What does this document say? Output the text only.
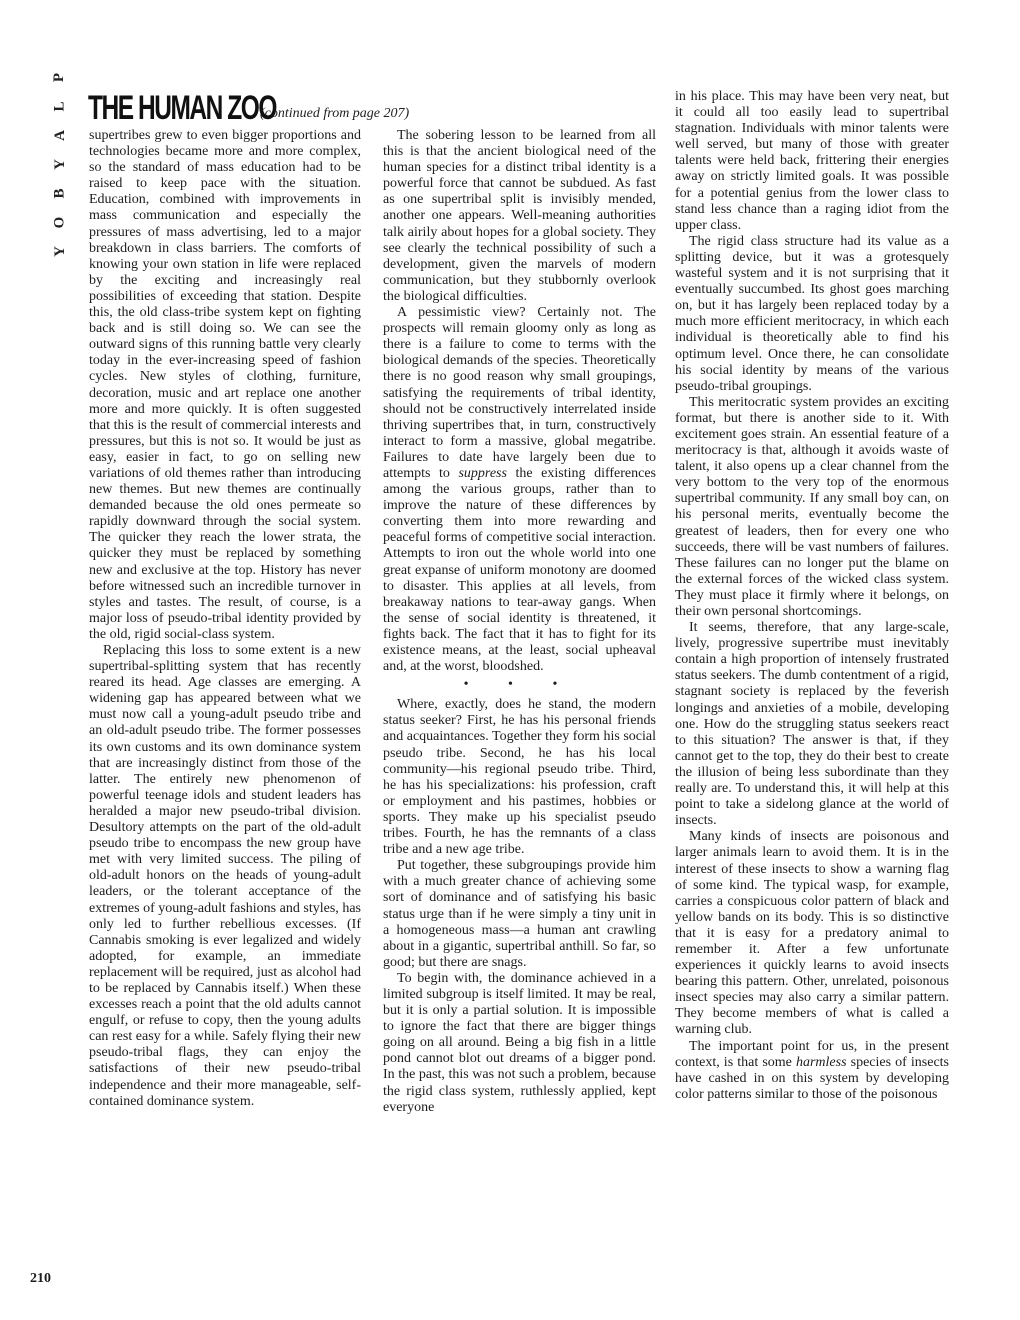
P
L
A
Y
B
O
Y
THE HUMAN ZOO
(continued from page 207)

supertribes grew to even bigger proportions and technologies became more and more complex, so the standard of mass education had to be raised to keep pace with the situation. Education, combined with improvements in mass communication and especially the pressures of mass advertising, led to a major breakdown in class barriers. The comforts of knowing your own station in life were replaced by the exciting and increasingly real possibilities of exceeding that station. Despite this, the old class-tribe system kept on fighting back and is still doing so. We can see the outward signs of this running battle very clearly today in the ever-increasing speed of fashion cycles. New styles of clothing, furniture, decoration, music and art replace one another more and more quickly. It is often suggested that this is the result of commercial interests and pressures, but this is not so. It would be just as easy, easier in fact, to go on selling new variations of old themes rather than introducing new themes. But new themes are continually demanded because the old ones permeate so rapidly downward through the social system. The quicker they reach the lower strata, the quicker they must be replaced by something new and exclusive at the top. History has never before witnessed such an incredible turnover in styles and tastes. The result, of course, is a major loss of pseudo-tribal identity provided by the old, rigid social-class system.

Replacing this loss to some extent is a new supertribal-splitting system that has recently reared its head. Age classes are emerging. A widening gap has appeared between what we must now call a young-adult pseudo tribe and an old-adult pseudo tribe. The former possesses its own customs and its own dominance system that are increasingly distinct from those of the latter. The entirely new phenomenon of powerful teenage idols and student leaders has heralded a major new pseudo-tribal division. Desultory attempts on the part of the old-adult pseudo tribe to encompass the new group have met with very limited success. The piling of old-adult honors on the heads of young-adult leaders, or the tolerant acceptance of the extremes of young-adult fashions and styles, has only led to further rebellious excesses. (If Cannabis smoking is ever legalized and widely adopted, for example, an immediate replacement will be required, just as alcohol had to be replaced by Cannabis itself.) When these excesses reach a point that the old adults cannot engulf, or refuse to copy, then the young adults can rest easy for a while. Safely flying their new pseudo-tribal flags, they can enjoy the satisfactions of their new pseudo-tribal independence and their more manageable, self-contained dominance system.

The sobering lesson to be learned from all this is that the ancient biological need of the human species for a distinct tribal identity is a powerful force that cannot be subdued. As fast as one supertribal split is invisibly mended, another one appears. Well-meaning authorities talk airily about hopes for a global society. They see clearly the technical possibility of such a development, given the marvels of modern communication, but they stubbornly overlook the biological difficulties.

A pessimistic view? Certainly not. The prospects will remain gloomy only as long as there is a failure to come to terms with the biological demands of the species. Theoretically there is no good reason why small groupings, satisfying the requirements of tribal identity, should not be constructively interrelated inside thriving supertribes that, in turn, constructively interact to form a massive, global megatribe. Failures to date have largely been due to attempts to suppress the existing differences among the various groups, rather than to improve the nature of these differences by converting them into more rewarding and peaceful forms of competitive social interaction. Attempts to iron out the whole world into one great expanse of uniform monotony are doomed to disaster. This applies at all levels, from breakaway nations to tear-away gangs. When the sense of social identity is threatened, it fights back. The fact that it has to fight for its existence means, at the least, social upheaval and, at the worst, bloodshed.

• • •

Where, exactly, does he stand, the modern status seeker? First, he has his personal friends and acquaintances. Together they form his social pseudo tribe. Second, he has his local community—his regional pseudo tribe. Third, he has his specializations: his profession, craft or employment and his pastimes, hobbies or sports. They make up his specialist pseudo tribes. Fourth, he has the remnants of a class tribe and a new age tribe.

Put together, these subgroupings provide him with a much greater chance of achieving some sort of dominance and of satisfying his basic status urge than if he were simply a tiny unit in a homogeneous mass—a human ant crawling about in a gigantic, supertribal anthill. So far, so good; but there are snags.

To begin with, the dominance achieved in a limited subgroup is itself limited. It may be real, but it is only a partial solution. It is impossible to ignore the fact that there are bigger things going on all around. Being a big fish in a little pond cannot blot out dreams of a bigger pond. In the past, this was not such a problem, because the rigid class system, ruthlessly applied, kept everyone

in his place. This may have been very neat, but it could all too easily lead to supertribal stagnation. Individuals with minor talents were well served, but many of those with greater talents were held back, frittering their energies away on strictly limited goals. It was possible for a potential genius from the lower class to stand less chance than a raging idiot from the upper class.

The rigid class structure had its value as a splitting device, but it was a grotesquely wasteful system and it is not surprising that it eventually succumbed. Its ghost goes marching on, but it has largely been replaced today by a much more efficient meritocracy, in which each individual is theoretically able to find his optimum level. Once there, he can consolidate his social identity by means of the various pseudo-tribal groupings.

This meritocratic system provides an exciting format, but there is another side to it. With excitement goes strain. An essential feature of a meritocracy is that, although it avoids waste of talent, it also opens up a clear channel from the very bottom to the very top of the enormous supertribal community. If any small boy can, on his personal merits, eventually become the greatest of leaders, then for every one who succeeds, there will be vast numbers of failures. These failures can no longer put the blame on the external forces of the wicked class system. They must place it firmly where it belongs, on their own personal shortcomings.

It seems, therefore, that any large-scale, lively, progressive supertribe must inevitably contain a high proportion of intensely frustrated status seekers. The dumb contentment of a rigid, stagnant society is replaced by the feverish longings and anxieties of a mobile, developing one. How do the struggling status seekers react to this situation? The answer is that, if they cannot get to the top, they do their best to create the illusion of being less subordinate than they really are. To understand this, it will help at this point to take a sidelong glance at the world of insects.

Many kinds of insects are poisonous and larger animals learn to avoid them. It is in the interest of these insects to show a warning flag of some kind. The typical wasp, for example, carries a conspicuous color pattern of black and yellow bands on its body. This is so distinctive that it is easy for a predatory animal to remember it. After a few unfortunate experiences it quickly learns to avoid insects bearing this pattern. Other, unrelated, poisonous insect species may also carry a similar pattern. They become members of what is called a warning club.

The important point for us, in the present context, is that some harmless species of insects have cashed in on this system by developing color patterns similar to those of the poisonous

210
